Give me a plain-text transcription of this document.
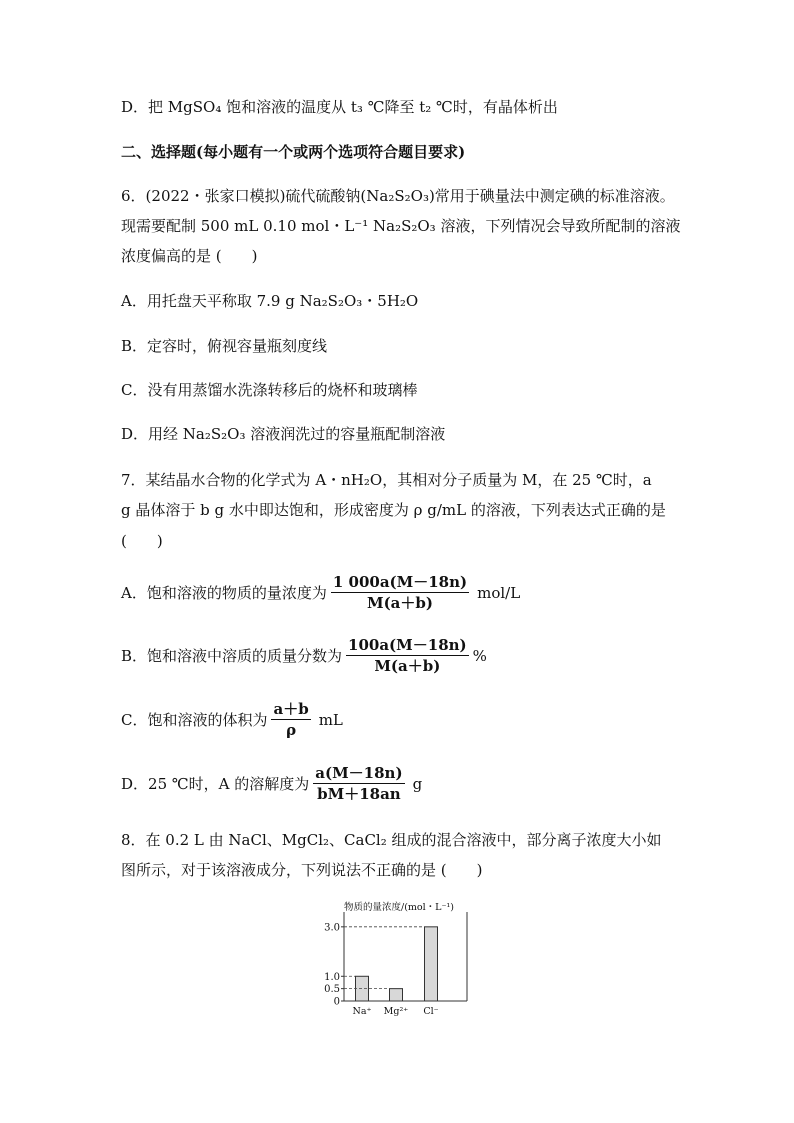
D．把 MgSO₄ 饱和溶液的温度从 t₃ ℃降至 t₂ ℃时，有晶体析出
二、选择题(每小题有一个或两个选项符合题目要求)
6．(2022・张家口模拟)硫代硫酸钠(Na₂S₂O₃)常用于碘量法中测定碘的标准溶液。
现需要配制 500 mL 0.10 mol・L⁻¹ Na₂S₂O₃ 溶液，下列情况会导致所配制的溶液
浓度偏高的是 (　　)
A．用托盘天平称取 7.9 g Na₂S₂O₃・5H₂O
B．定容时，俯视容量瓶刻度线
C．没有用蒸馏水洗涤转移后的烧杯和玻璃棒
D．用经 Na₂S₂O₃ 溶液润洗过的容量瓶配制溶液
7．某结晶水合物的化学式为 A・nH₂O，其相对分子质量为 M，在 25 ℃时，a
g 晶体溶于 b g 水中即达饱和，形成密度为 ρ g/mL 的溶液，下列表达式正确的是
(　　)
A．饱和溶液的物质的量浓度为 $\frac{1 000a(M-18n)}{M(a+b)} mol/L$
B．饱和溶液中溶质的质量分数为 $\frac{100a(M-18n)}{M(a+b)}$ %
C．饱和溶液的体积为 $\frac{a+b}{\rho}$ mL
D．25 ℃时，A 的溶解度为 $\frac{a(M-18n)}{bM+18an}$ g
8．在 0.2 L 由 NaCl、MgCl₂、CaCl₂ 组成的混合溶液中，部分离子浓度大小如
图所示，对于该溶液成分，下列说法不正确的是 (　　)
物质的量浓度/(mol・L⁻¹)
0
0.5
1.0
3.0
Na⁺ Mg²⁺ Cl⁻
